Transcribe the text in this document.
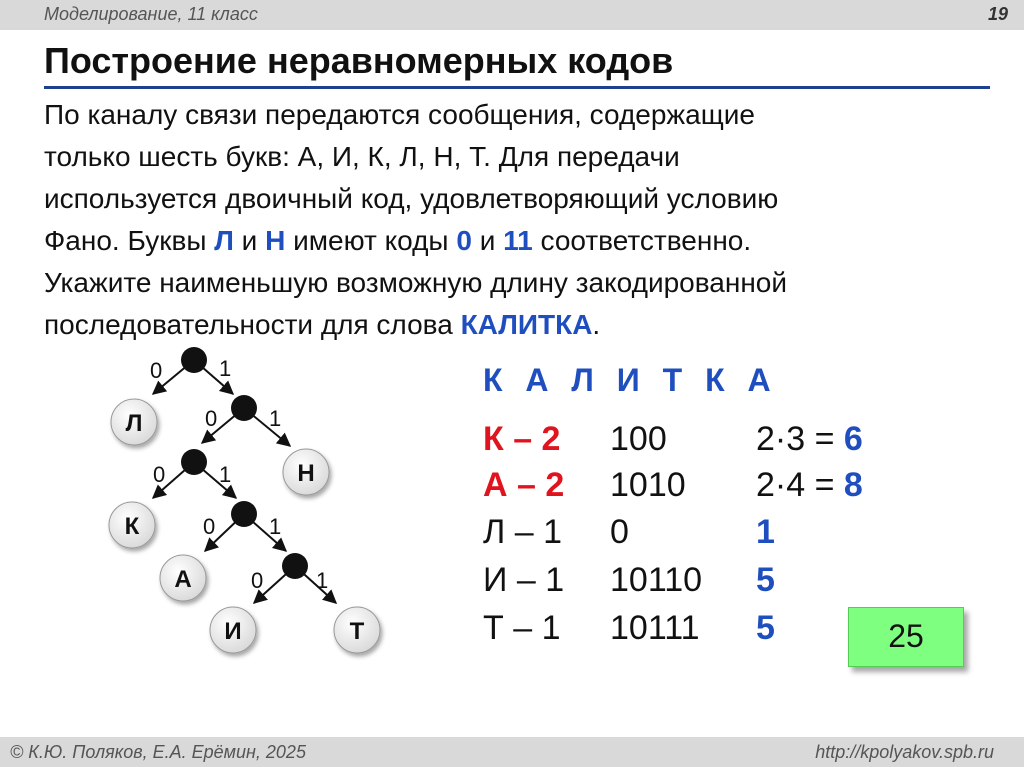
Моделирование, 11 класс	19
Построение неравномерных кодов
По каналу связи передаются сообщения, содержащие
только шесть букв: А, И, К, Л, Н, Т. Для передачи
используется двоичный код, удовлетворяющий условию
Фано. Буквы Л и Н имеют коды 0 и 11 соответственно.
Укажите наименьшую возможную длину закодированной
последовательности для слова КАЛИТКА.
0	1
0 1
0 1
0 1
0 1
Л
Н
К
А
И	Т
К А Л И Т К А
К – 2	100	2·3 = 6
А – 2	1010 2·4 = 8
Л – 1	0	1
И – 1	10110 5
Т – 1	10111 5	25
© К.Ю. Поляков, Е.А. Ерёмин, 2025	http://kpolyakov.spb.ru
